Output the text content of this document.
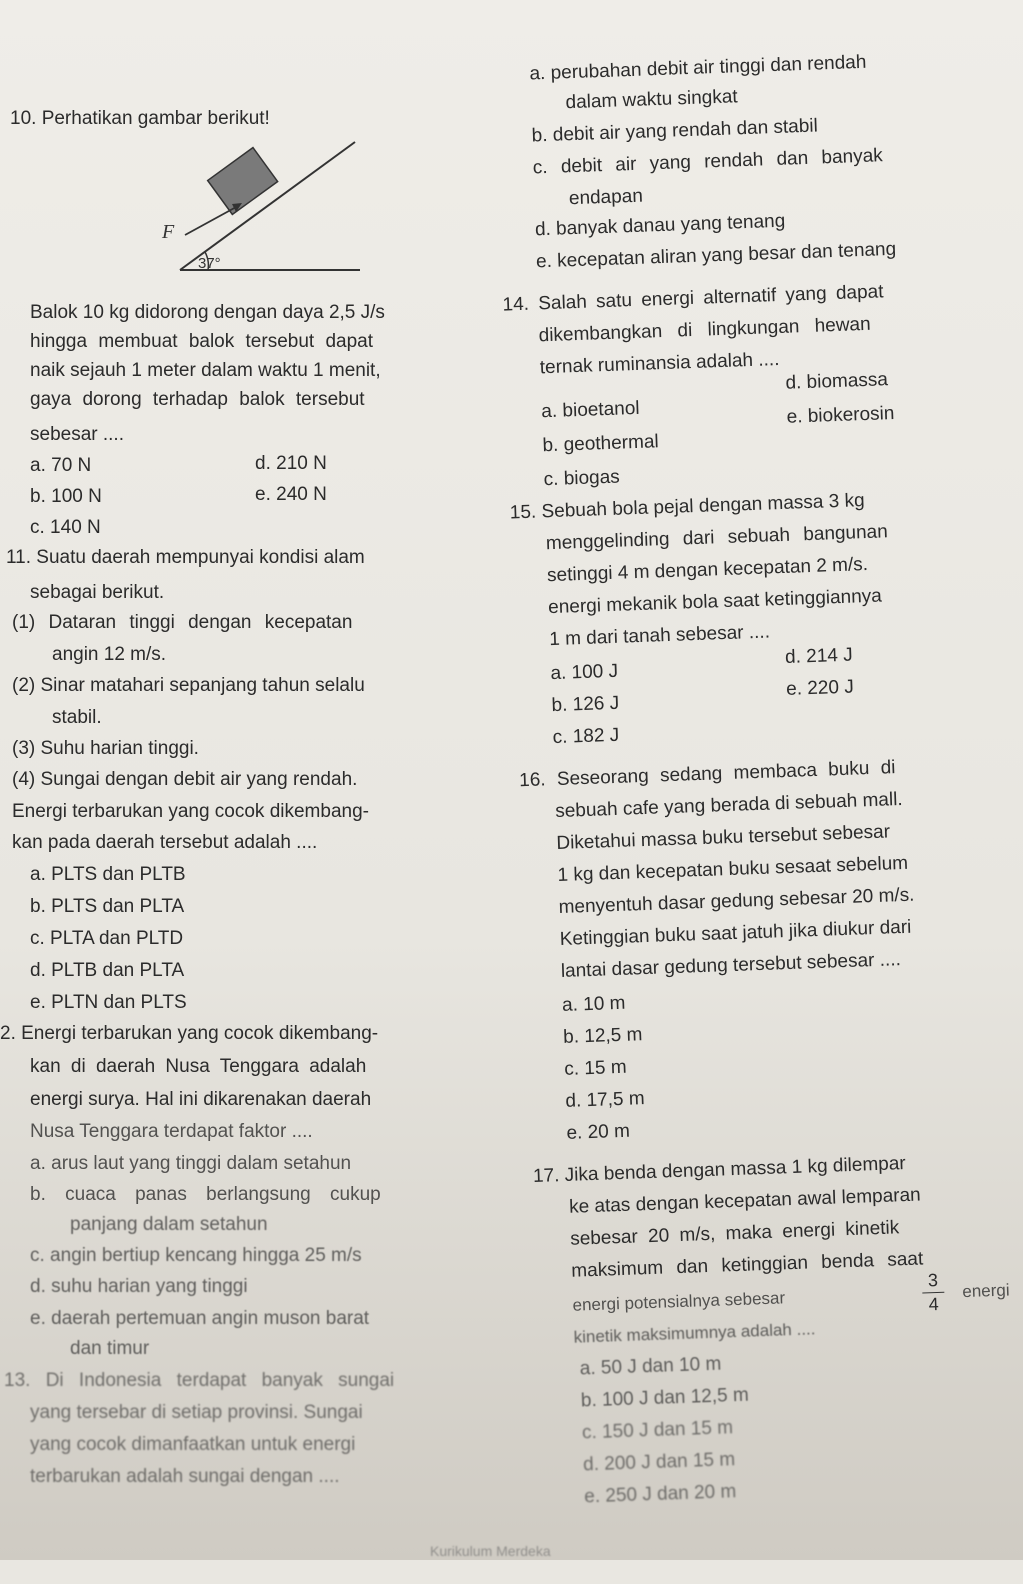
10. Perhatikan gambar berikut!
F
37°
Balok 10 kg didorong dengan daya 2,5 J/s
hingga membuat balok tersebut dapat
naik sejauh 1 meter dalam waktu 1 menit,
gaya dorong terhadap balok tersebut
sebesar ....
a. 70 N	d. 210 N
b. 100 N	e. 240 N
c. 140 N
11. Suatu daerah mempunyai kondisi alam
sebagai berikut.
(1) Dataran tinggi dengan kecepatan
angin 12 m/s.
(2) Sinar matahari sepanjang tahun selalu
stabil.
(3) Suhu harian tinggi.
(4) Sungai dengan debit air yang rendah.
Energi terbarukan yang cocok dikembang-
kan pada daerah tersebut adalah ....
a. PLTS dan PLTB
b. PLTS dan PLTA
c. PLTA dan PLTD
d. PLTB dan PLTA
e. PLTN dan PLTS
2. Energi terbarukan yang cocok dikembang-
kan di daerah Nusa Tenggara adalah
energi surya. Hal ini dikarenakan daerah
Nusa Tenggara terdapat faktor ....
a. arus laut yang tinggi dalam setahun
b. cuaca panas berlangsung cukup
panjang dalam setahun
c. angin bertiup kencang hingga 25 m/s
d. suhu harian yang tinggi
e. daerah pertemuan angin muson barat
dan timur
13. Di Indonesia terdapat banyak sungai
yang tersebar di setiap provinsi. Sungai
yang cocok dimanfaatkan untuk energi
terbarukan adalah sungai dengan ....
a. perubahan debit air tinggi dan rendah
dalam waktu singkat
b. debit air yang rendah dan stabil
c. debit air yang rendah dan banyak
endapan
d. banyak danau yang tenang
e. kecepatan aliran yang besar dan tenang
14. Salah satu energi alternatif yang dapat
dikembangkan di lingkungan hewan
ternak ruminansia adalah ....
d. biomassa
a. bioetanol	e. biokerosin
b. geothermal
c. biogas
15. Sebuah bola pejal dengan massa 3 kg
menggelinding dari sebuah bangunan
setinggi 4 m dengan kecepatan 2 m/s.
energi mekanik bola saat ketinggiannya
1 m dari tanah sebesar ....
a. 100 J
d. 214 J
b. 126 J
e. 220 J
c. 182 J
16. Seseorang sedang membaca buku di
sebuah cafe yang berada di sebuah mall.
Diketahui massa buku tersebut sebesar
1 kg dan kecepatan buku sesaat sebelum
menyentuh dasar gedung sebesar 20 m/s.
Ketinggian buku saat jatuh jika diukur dari
lantai dasar gedung tersebut sebesar ....
a. 10 m
b. 12,5 m
c. 15 m
d. 17,5 m
e. 20 m
17. Jika benda dengan massa 1 kg dilempar
ke atas dengan kecepatan awal lemparan
sebesar 20 m/s, maka energi kinetik
maksimum dan ketinggian benda saat
energi potensialnya sebesar
3
4
energi
kinetik maksimumnya adalah ....
a. 50 J dan 10 m
b. 100 J dan 12,5 m
c. 150 J dan 15 m
d. 200 J dan 15 m
e. 250 J dan 20 m
Kurikulum Merdeka
